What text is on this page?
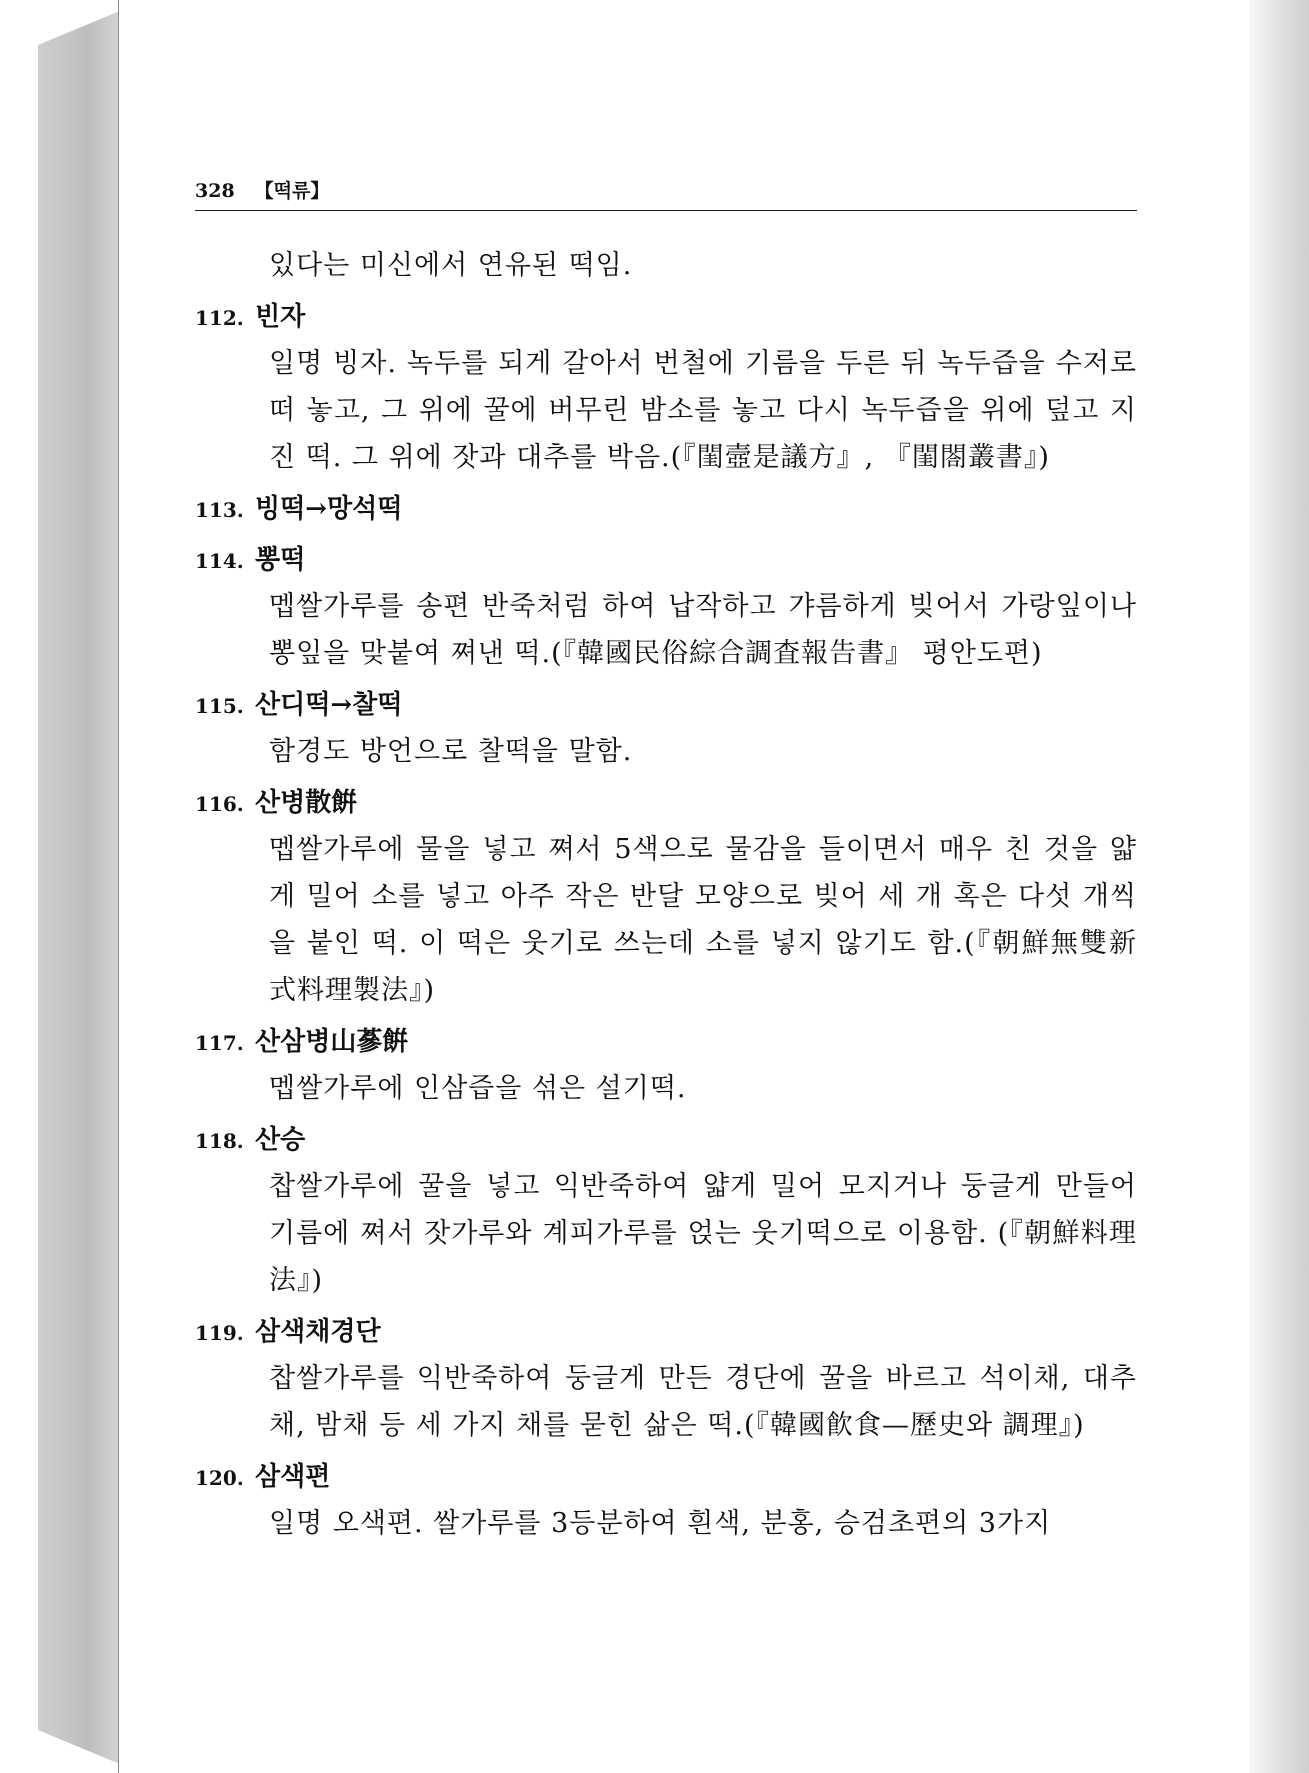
328 【떡류】
있다는 미신에서 연유된 떡임.
112. 빈자
일명 빙자. 녹두를 되게 갈아서 번철에 기름을 두른 뒤 녹두즙을 수저로 떠 놓고, 그 위에 꿀에 버무린 밤소를 놓고 다시 녹두즙을 위에 덮고 지진 떡. 그 위에 잣과 대추를 박음.(『閨壼是議方』, 『閨閤叢書』)
113. 빙떡→망석떡
114. 뽕떡
멥쌀가루를 송편 반죽처럼 하여 납작하고 갸름하게 빚어서 가랑잎이나 뽕잎을 맞붙여 쪄낸 떡.(『韓國民俗綜合調査報告書』 평안도편)
115. 산디떡→찰떡
함경도 방언으로 찰떡을 말함.
116. 산병散餠
멥쌀가루에 물을 넣고 쪄서 5색으로 물감을 들이면서 매우 친 것을 얇게 밀어 소를 넣고 아주 작은 반달 모양으로 빚어 세 개 혹은 다섯 개씩을 붙인 떡. 이 떡은 웃기로 쓰는데 소를 넣지 않기도 함.(『朝鮮無雙新式料理製法』)
117. 산삼병山蔘餠
멥쌀가루에 인삼즙을 섞은 설기떡.
118. 산승
찹쌀가루에 꿀을 넣고 익반죽하여 얇게 밀어 모지거나 둥글게 만들어 기름에 쪄서 잣가루와 계피가루를 얹는 웃기떡으로 이용함. (『朝鮮料理法』)
119. 삼색채경단
찹쌀가루를 익반죽하여 둥글게 만든 경단에 꿀을 바르고 석이채, 대추채, 밤채 등 세 가지 채를 묻힌 삶은 떡.(『韓國飮食—歷史와 調理』)
120. 삼색편
일명 오색편. 쌀가루를 3등분하여 흰색, 분홍, 승검초편의 3가지
